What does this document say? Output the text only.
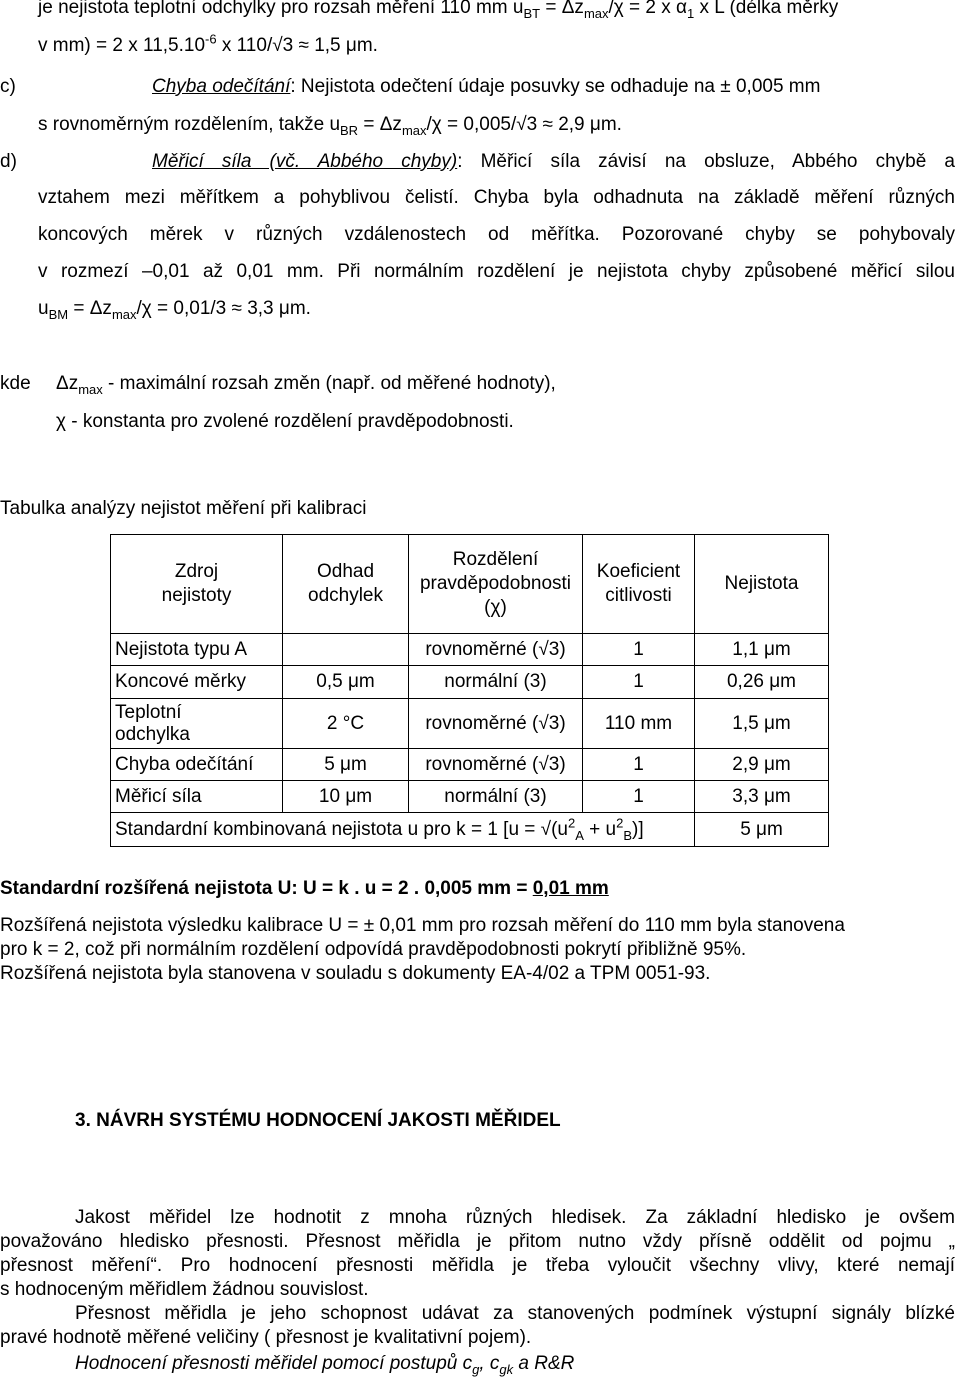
je nejistota teplotní odchylky pro rozsah měření 110 mm $u_{BT} = \Delta z_{max}/\chi = 2$ x $\alpha_1$ x L (délka měrky
v mm) = 2 x $11,5.10^{-6}$ x 110/√3 ≈ 1,5 μm.
c)	Chyba odečítání: Nejistota odečtení údaje posuvky se odhaduje na ± 0,005 mm
s rovnoměrným rozdělením, takže $u_{BR} = \Delta z_{max}/\chi = 0,005/√3 \approx 2,9$ μm.
d)	Měřicí síla (vč. Abbého chyby): Měřicí síla závisí na obsluze, Abbého chybě a
vztahem mezi měřítkem a pohyblivou čelistí. Chyba byla odhadnuta na základě měření různých
koncových měrek v různých vzdálenostech od měřítka. Pozorované chyby se pohybovaly
v rozmezí –0,01 až 0,01 mm. Při normálním rozdělení je nejistota chyby způsobené měřicí silou
$u_{BM} = \Delta z_{max}/\chi = 0,01/3 \approx 3,3$ μm.
kde $\Delta z_{max}$ - maximální rozsah změn (např. od měřené hodnoty),
χ - konstanta pro zvolené rozdělení pravděpodobnosti.
Tabulka analýzy nejistot měření při kalibraci
Zdroj nejistoty	Odhad odchylek	Rozdělení pravděpodobnosti (χ)	Koeficient citlivosti	Nejistota
Nejistota typu A		rovnoměrné (√3)	1	1,1 μm
Koncové měrky	0,5 μm	normální (3)	1	0,26 μm
Teplotní odchylka	2 °C	rovnoměrné (√3)	110 mm	1,5 μm
Chyba odečítání	5 μm	rovnoměrné (√3)	1	2,9 μm
Měřicí síla	10 μm	normální (3)	1	3,3 μm
Standardní kombinovaná nejistota u pro k = 1 $[u = √(u^2_A + u^2_B)]$				5 μm
Standardní rozšířená nejistota U: U = k . u = 2 . 0,005 mm = 0,01 mm
Rozšířená nejistota výsledku kalibrace U = ± 0,01 mm pro rozsah měření do 110 mm byla stanovena
pro k = 2, což při normálním rozdělení odpovídá pravděpodobnosti pokrytí přibližně 95%.
Rozšířená nejistota byla stanovena v souladu s dokumenty EA-4/02 a TPM 0051-93.
3. NÁVRH SYSTÉMU HODNOCENÍ JAKOSTI MĚŘIDEL
Jakost měřidel lze hodnotit z mnoha různých hledisek. Za základní hledisko je ovšem
považováno hledisko přesnosti. Přesnost měřidla je přitom nutno vždy přísně oddělit od pojmu „
přesnost měření“. Pro hodnocení přesnosti měřidla je třeba vyloučit všechny vlivy, které nemají
s hodnoceným měřidlem žádnou souvislost.
Přesnost měřidla je jeho schopnost udávat za stanovených podmínek výstupní signály blízké
pravé hodnotě měřené veličiny ( přesnost je kvalitativní pojem).
Hodnocení přesnosti měřidel pomocí postupů $c_g$, $c_{gk}$ a R&R
